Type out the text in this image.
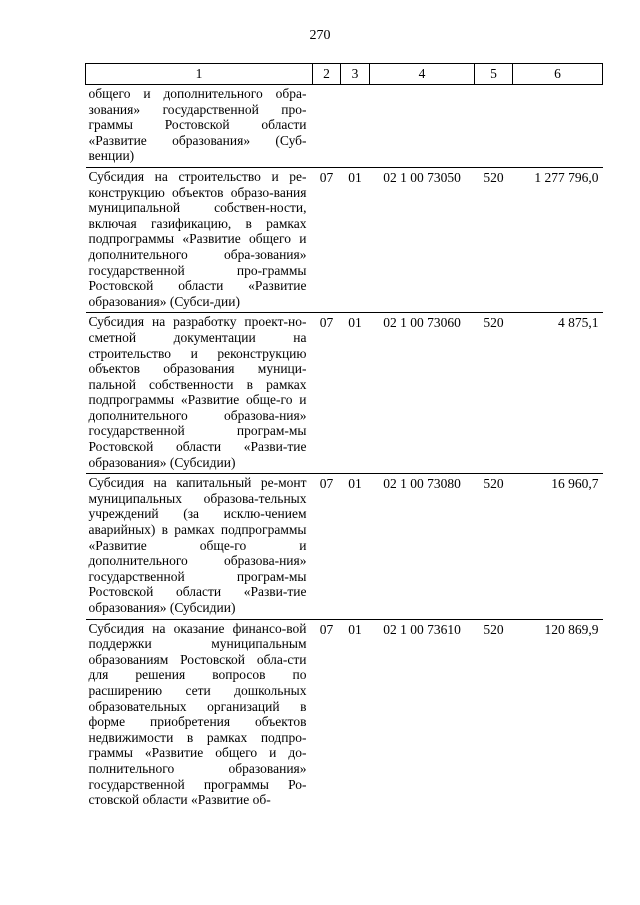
270
1	2	3	4	5	6
общего и дополнительного обра-зования» государственной про-граммы Ростовской области «Развитие образования» (Суб-венции)					
Субсидия на строительство и ре-конструкцию объектов образо-вания муниципальной собствен-ности, включая газификацию, в рамках подпрограммы «Развитие общего и дополнительного обра-зования» государственной про-граммы Ростовской области «Развитие образования» (Субси-дии)	07	01	02 1 00 73050	520	1 277 796,0
Субсидия на разработку проект-но-сметной документации на строительство и реконструкцию объектов образования муници-пальной собственности в рамках подпрограммы «Развитие обще-го и дополнительного образова-ния» государственной програм-мы Ростовской области «Разви-тие образования» (Субсидии)	07	01	02 1 00 73060	520	4 875,1
Субсидия на капитальный ре-монт муниципальных образова-тельных учреждений (за исклю-чением аварийных) в рамках подпрограммы «Развитие обще-го и дополнительного образова-ния» государственной програм-мы Ростовской области «Разви-тие образования» (Субсидии)	07	01	02 1 00 73080	520	16 960,7
Субсидия на оказание финансо-вой поддержки муниципальным образованиям Ростовской обла-сти для решения вопросов по расширению сети дошкольных образовательных организаций в форме приобретения объектов недвижимости в рамках подпро-граммы «Развитие общего и до-полнительного образования» государственной программы Ро-стовской области «Развитие об-	07	01	02 1 00 73610	520	120 869,9
